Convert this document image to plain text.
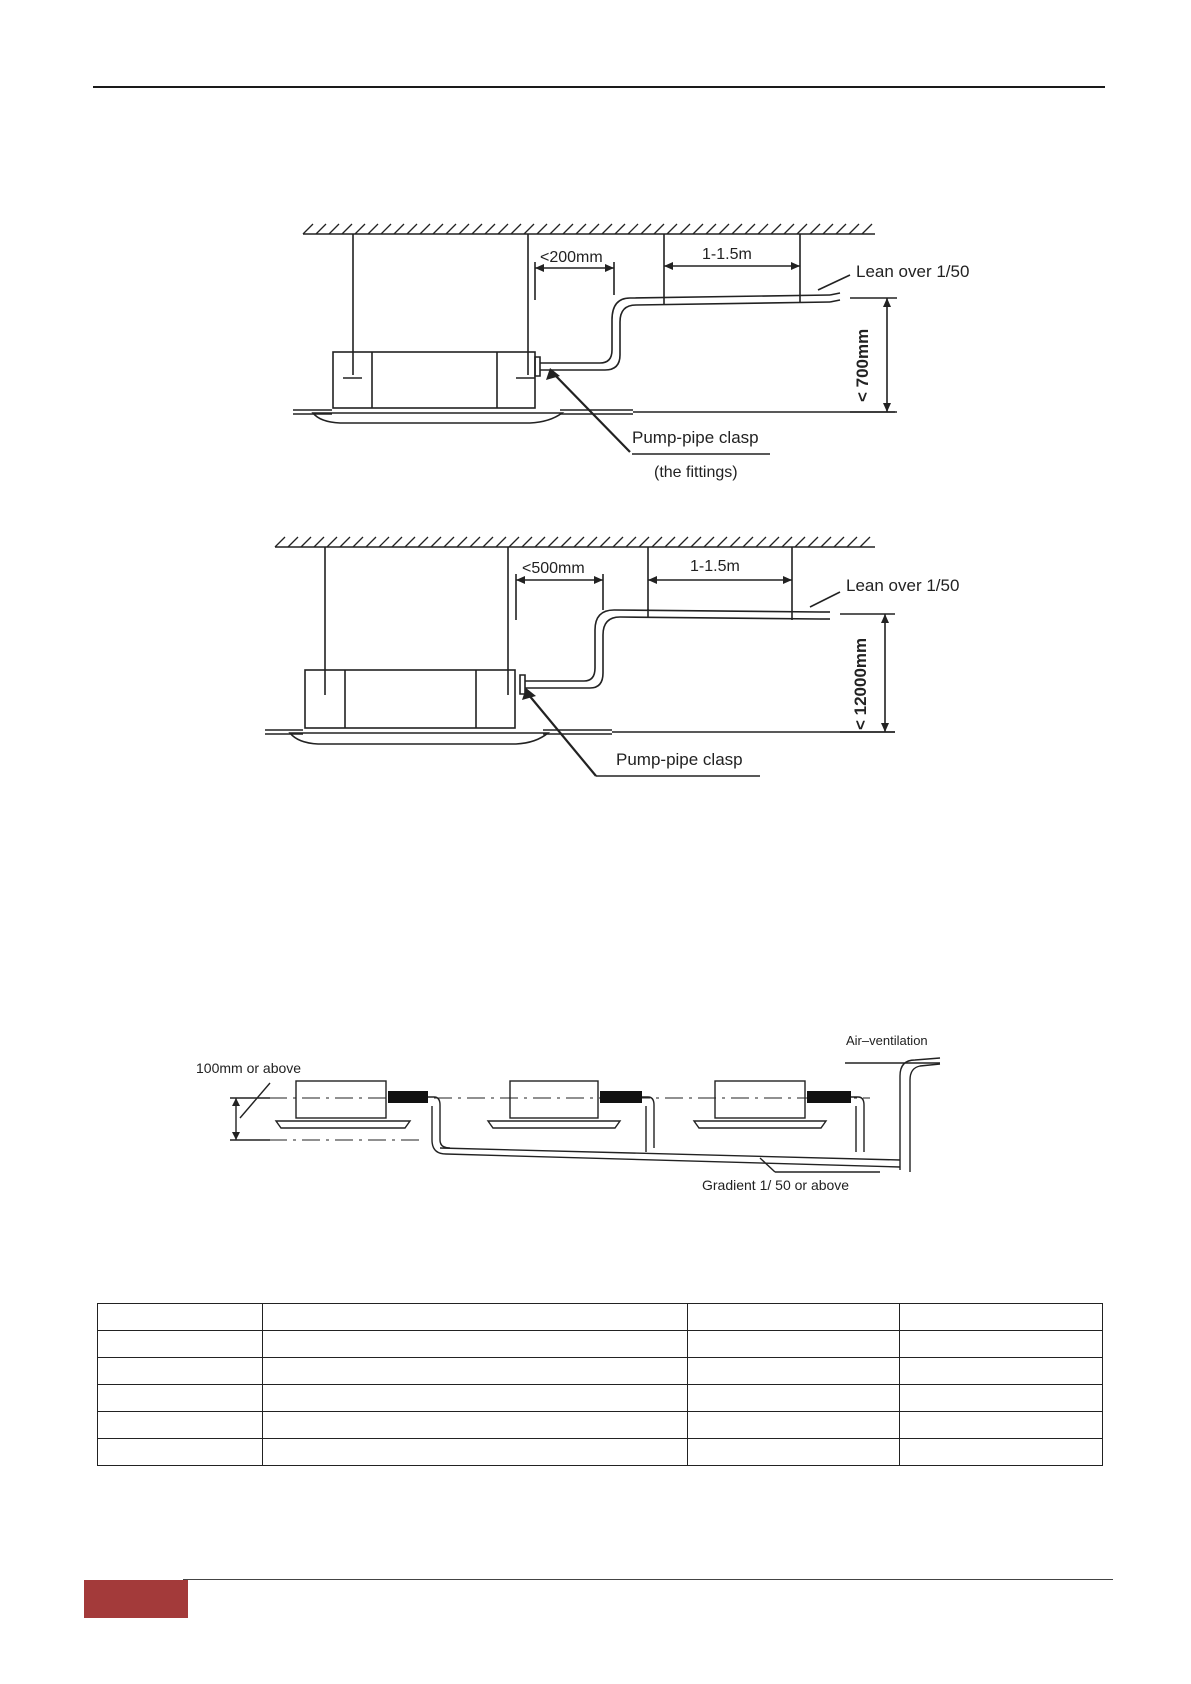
<200mm	1-1.5m
Lean over 1/50
< 700mm
Pump-pipe clasp
(the fittings)
<500mm	1-1.5m
Lean over 1/50
< 12000mm
Pump-pipe clasp
100mm or above
Air–ventilation
Gradient 1/ 50 or above
